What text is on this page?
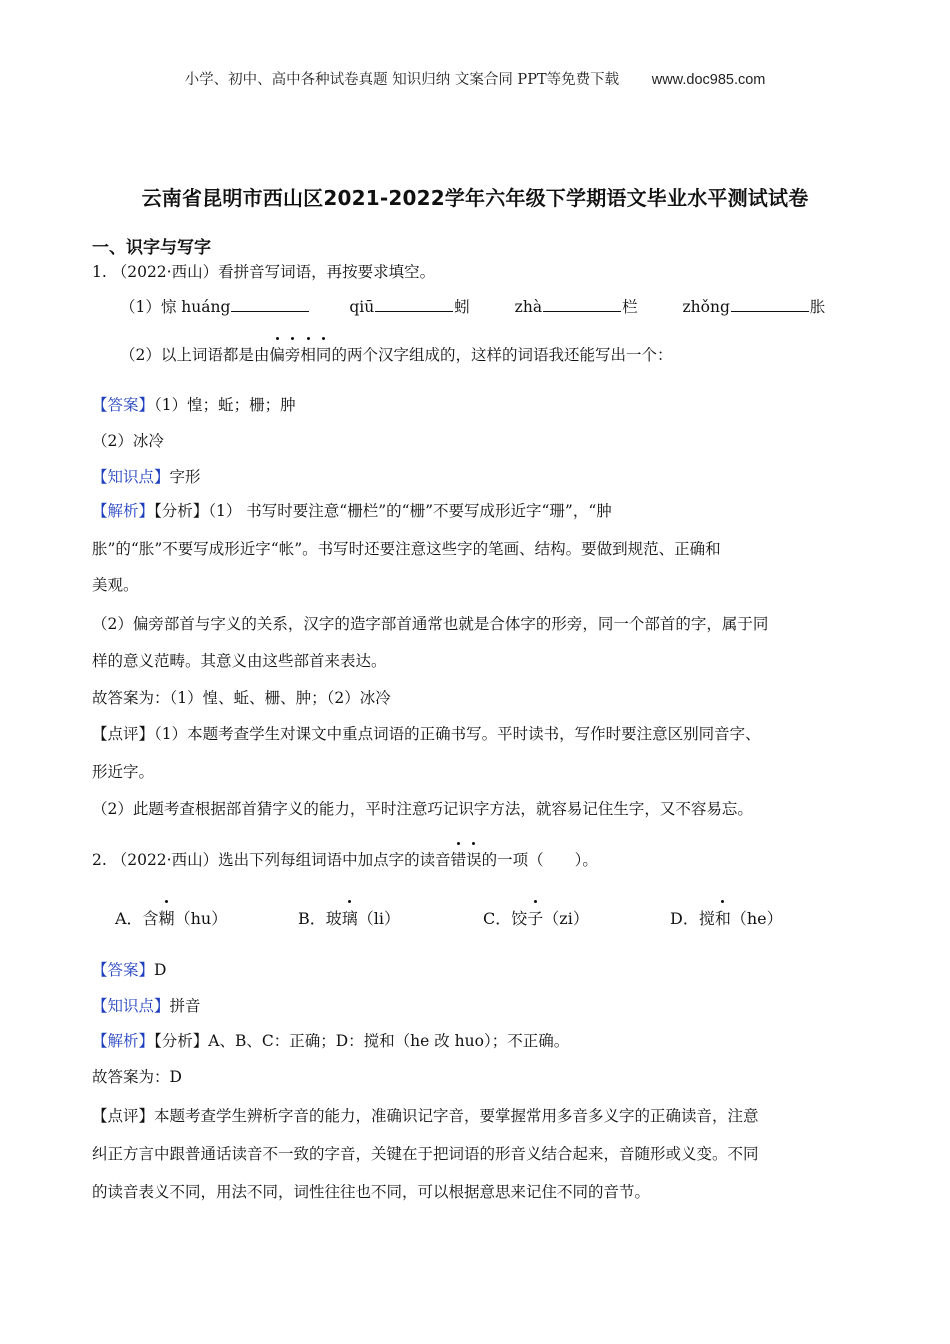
小学、初中、高中各种试卷真题 知识归纳 文案合同 PPT等免费下载 www.doc985.com
云南省昆明市西山区2021-2022学年六年级下学期语文毕业水平测试试卷
一、识字与写字
1. （2022·西山）看拼音写词语，再按要求填空。
（1）惊 huáng	qiū	蚓	zhà	栏	zhǒng	胀
（2）以上词语都是由偏旁相同的两个汉字组成的，这样的词语我还能写出一个：
【答案】（1）惶；蚯；栅；肿
（2）冰冷
【知识点】字形
【解析】【分析】（1） 书写时要注意“栅栏”的“栅”不要写成形近字“珊”，“肿
胀”的“胀”不要写成形近字“帐”。书写时还要注意这些字的笔画、结构。要做到规范、正确和
美观。
（2）偏旁部首与字义的关系，汉字的造字部首通常也就是合体字的形旁，同一个部首的字，属于同
样的意义范畴。其意义由这些部首来表达。
故答案为：（1）惶、蚯、栅、肿；（2）冰冷
【点评】（1）本题考查学生对课文中重点词语的正确书写。平时读书，写作时要注意区别同音字、
形近字。
（2）此题考查根据部首猜字义的能力，平时注意巧记识字方法，就容易记住生字，又不容易忘。
2. （2022·西山）选出下列每组词语中加点字的读音错误的一项（　　）。
A．含糊（hu）	B．玻璃（li）	C．饺子（zi）	D．搅和（he）
【答案】D
【知识点】拼音
【解析】【分析】A、B、C：正确；D：搅和（he 改 huo）；不正确。
故答案为：D
【点评】本题考查学生辨析字音的能力，准确识记字音，要掌握常用多音多义字的正确读音，注意
纠正方言中跟普通话读音不一致的字音，关键在于把词语的形音义结合起来，音随形或义变。不同
的读音表义不同，用法不同，词性往往也不同，可以根据意思来记住不同的音节。
